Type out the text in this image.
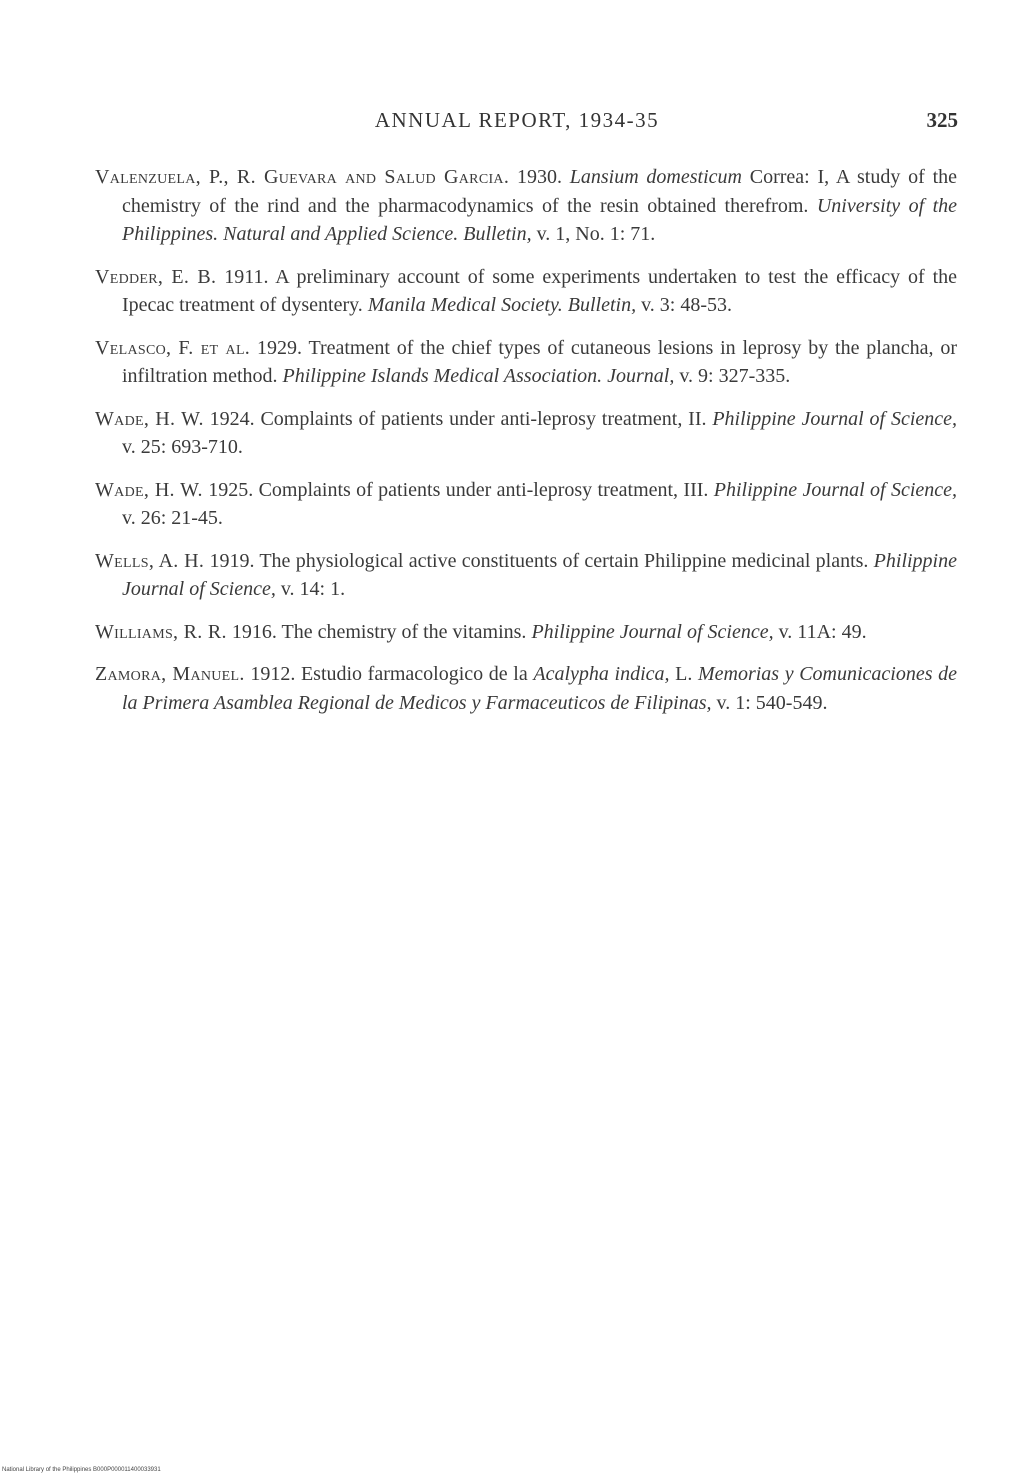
ANNUAL REPORT, 1934-35	325

Valenzuela, P., R. Guevara and Salud Garcia. 1930. Lansium domesticum Correa: I, A study of the chemistry of the rind and the pharmacodynamics of the resin obtained therefrom. University of the Philippines. Natural and Applied Science. Bulletin, v. 1, No. 1: 71.

Vedder, E. B. 1911. A preliminary account of some experiments undertaken to test the efficacy of the Ipecac treatment of dysentery. Manila Medical Society. Bulletin, v. 3: 48-53.

Velasco, F. et al. 1929. Treatment of the chief types of cutaneous lesions in leprosy by the plancha, or infiltration method. Philippine Islands Medical Association. Journal, v. 9: 327-335.

Wade, H. W. 1924. Complaints of patients under anti-leprosy treatment, II. Philippine Journal of Science, v. 25: 693-710.

Wade, H. W. 1925. Complaints of patients under anti-leprosy treatment, III. Philippine Journal of Science, v. 26: 21-45.

Wells, A. H. 1919. The physiological active constituents of certain Philippine medicinal plants. Philippine Journal of Science, v. 14: 1.

Williams, R. R. 1916. The chemistry of the vitamins. Philippine Journal of Science, v. 11A: 49.

Zamora, Manuel. 1912. Estudio farmacologico de la Acalypha indica, L. Memorias y Comunicaciones de la Primera Asamblea Regional de Medicos y Farmaceuticos de Filipinas, v. 1: 540-549.

National Library of the Philippines B000P000011400033931
